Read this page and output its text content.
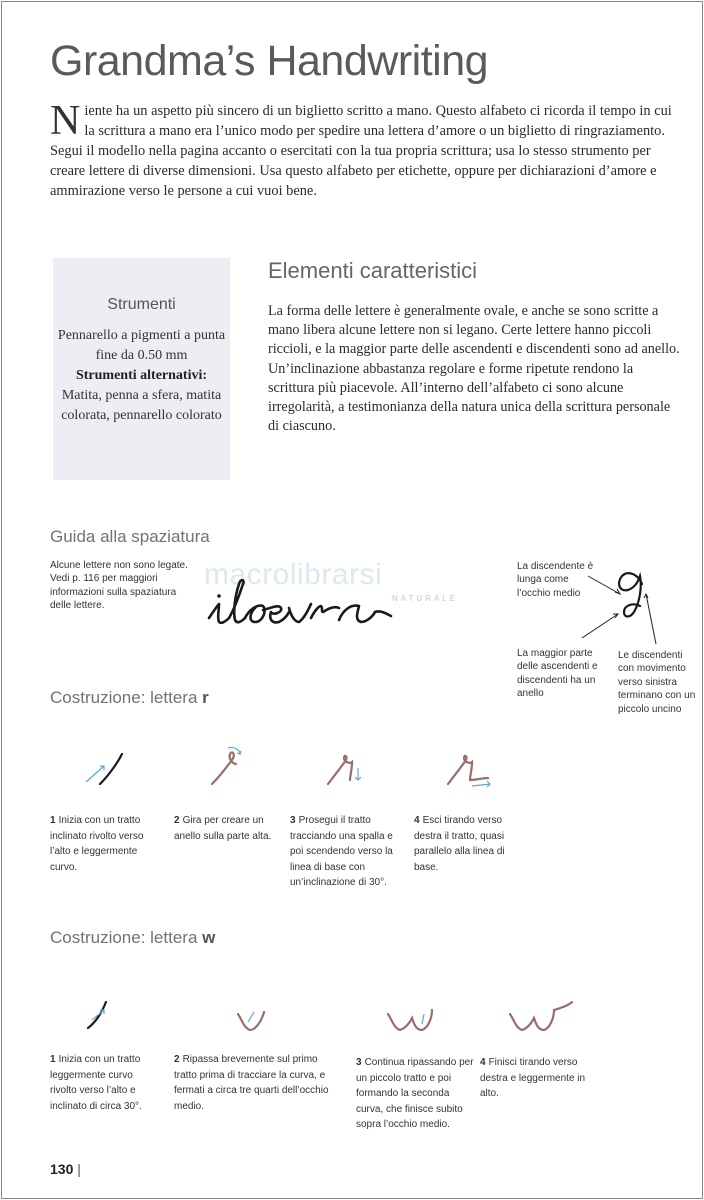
Grandma’s Handwriting
Niente ha un aspetto più sincero di un biglietto scritto a mano. Questo alfabeto ci ricorda il tempo in cui la scrittura a mano era l’unico modo per spedire una lettera d’amore o un biglietto di ringraziamento. Segui il modello nella pagina accanto o esercitati con la tua propria scrittura; usa lo stesso strumento per creare lettere di diverse dimensioni. Usa questo alfabeto per etichette, oppure per dichiarazioni d’amore e ammirazione verso le persone a cui vuoi bene.
Strumenti
Pennarello a pigmenti a punta fine da 0.50 mm
Strumenti alternativi:
Matita, penna a sfera, matita colorata, pennarello colorato
Elementi caratteristici
La forma delle lettere è generalmente ovale, e anche se sono scritte a mano libera alcune lettere non si legano. Certe lettere hanno piccoli riccioli, e la maggior parte delle ascendenti e discendenti sono ad anello. Un’inclinazione abbastanza regolare e forme ripetute rendono la scrittura più piacevole. All’interno dell’alfabeto ci sono alcune irregolarità, a testimonianza della natura unica della scrittura personale di ciascuno.
Guida alla spaziatura
Alcune lettere non sono legate. Vedi p. 116 per maggiori informazioni sulla spaziatura delle lettere.
macrolibrarsi
NATURALE
La discendente è lunga come l’occhio medio
La maggior parte delle ascendenti e discendenti ha un anello
Le discendenti con movimento verso sinistra terminano con un piccolo uncino
Costruzione: lettera r
1 Inizia con un tratto inclinato rivolto verso l’alto e leggermente curvo.
2 Gira per creare un anello sulla parte alta.
3 Prosegui il tratto tracciando una spalla e poi scendendo verso la linea di base con un’inclinazione di 30°.
4 Esci tirando verso destra il tratto, quasi parallelo alla linea di base.
Costruzione: lettera w
1 Inizia con un tratto leggermente curvo rivolto verso l’alto e inclinato di circa 30°.
2 Ripassa brevemente sul primo tratto prima di tracciare la curva, e fermati a circa tre quarti dell’occhio medio.
3 Continua ripassando per un piccolo tratto e poi formando la seconda curva, che finisce subito sopra l’occhio medio.
4 Finisci tirando verso destra e leggermente in alto.
130 |
